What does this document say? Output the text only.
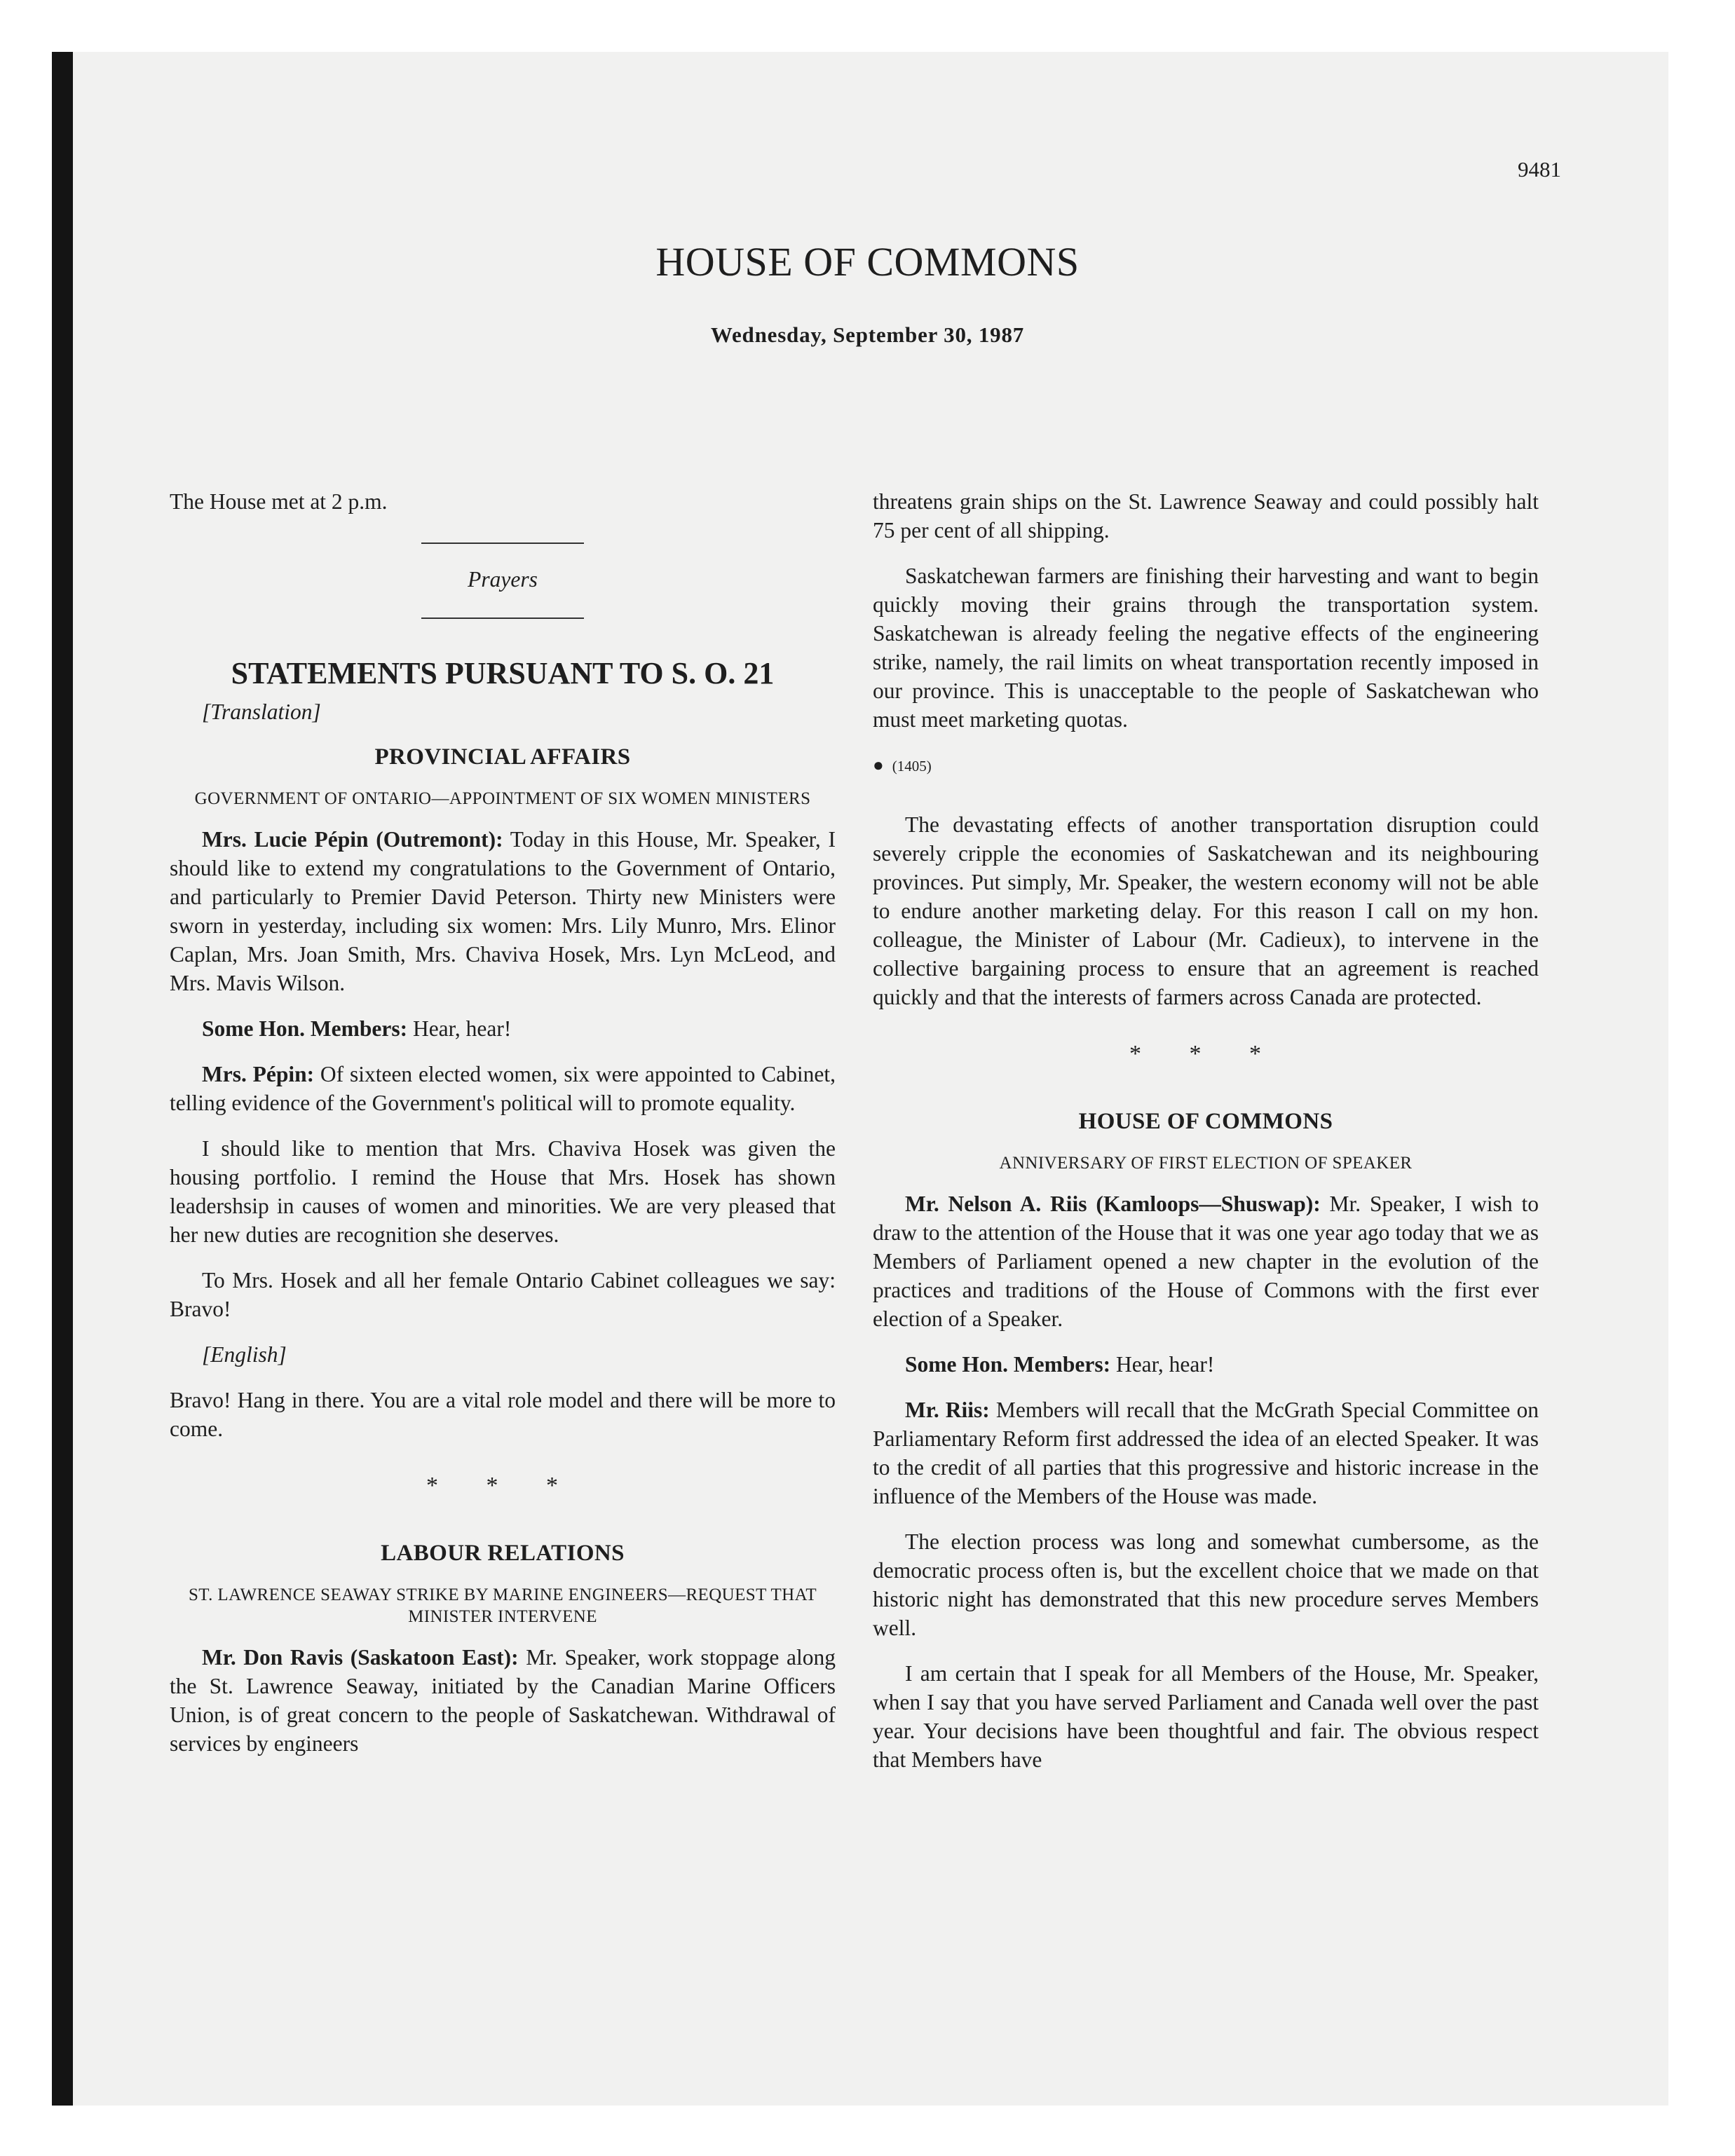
9481
HOUSE OF COMMONS
Wednesday, September 30, 1987

The House met at 2 p.m.

Prayers
STATEMENTS PURSUANT TO S. O. 21

[Translation]

PROVINCIAL AFFAIRS
GOVERNMENT OF ONTARIO—APPOINTMENT OF SIX WOMEN MINISTERS

Mrs. Lucie Pépin (Outremont): Today in this House, Mr. Speaker, I should like to extend my congratulations to the Government of Ontario, and particularly to Premier David Peterson. Thirty new Ministers were sworn in yesterday, including six women: Mrs. Lily Munro, Mrs. Elinor Caplan, Mrs. Joan Smith, Mrs. Chaviva Hosek, Mrs. Lyn McLeod, and Mrs. Mavis Wilson.

Some Hon. Members: Hear, hear!

Mrs. Pépin: Of sixteen elected women, six were appointed to Cabinet, telling evidence of the Government's political will to promote equality.

I should like to mention that Mrs. Chaviva Hosek was given the housing portfolio. I remind the House that Mrs. Hosek has shown leadershsip in causes of women and minorities. We are very pleased that her new duties are recognition she deserves.

To Mrs. Hosek and all her female Ontario Cabinet colleagues we say: Bravo!

[English]

Bravo! Hang in there. You are a vital role model and there will be more to come.

* * *
LABOUR RELATIONS
ST. LAWRENCE SEAWAY STRIKE BY MARINE ENGINEERS—REQUEST THAT MINISTER INTERVENE

Mr. Don Ravis (Saskatoon East): Mr. Speaker, work stoppage along the St. Lawrence Seaway, initiated by the Canadian Marine Officers Union, is of great concern to the people of Saskatchewan. Withdrawal of services by engineers

threatens grain ships on the St. Lawrence Seaway and could possibly halt 75 per cent of all shipping.

Saskatchewan farmers are finishing their harvesting and want to begin quickly moving their grains through the transportation system. Saskatchewan is already feeling the negative effects of the engineering strike, namely, the rail limits on wheat transportation recently imposed in our province. This is unacceptable to the people of Saskatchewan who must meet marketing quotas.

● (1405)

The devastating effects of another transportation disruption could severely cripple the economies of Saskatchewan and its neighbouring provinces. Put simply, Mr. Speaker, the western economy will not be able to endure another marketing delay. For this reason I call on my hon. colleague, the Minister of Labour (Mr. Cadieux), to intervene in the collective bargaining process to ensure that an agreement is reached quickly and that the interests of farmers across Canada are protected.

* * *
HOUSE OF COMMONS
ANNIVERSARY OF FIRST ELECTION OF SPEAKER

Mr. Nelson A. Riis (Kamloops—Shuswap): Mr. Speaker, I wish to draw to the attention of the House that it was one year ago today that we as Members of Parliament opened a new chapter in the evolution of the practices and traditions of the House of Commons with the first ever election of a Speaker.

Some Hon. Members: Hear, hear!

Mr. Riis: Members will recall that the McGrath Special Committee on Parliamentary Reform first addressed the idea of an elected Speaker. It was to the credit of all parties that this progressive and historic increase in the influence of the Members of the House was made.

The election process was long and somewhat cumbersome, as the democratic process often is, but the excellent choice that we made on that historic night has demonstrated that this new procedure serves Members well.

I am certain that I speak for all Members of the House, Mr. Speaker, when I say that you have served Parliament and Canada well over the past year. Your decisions have been thoughtful and fair. The obvious respect that Members have
